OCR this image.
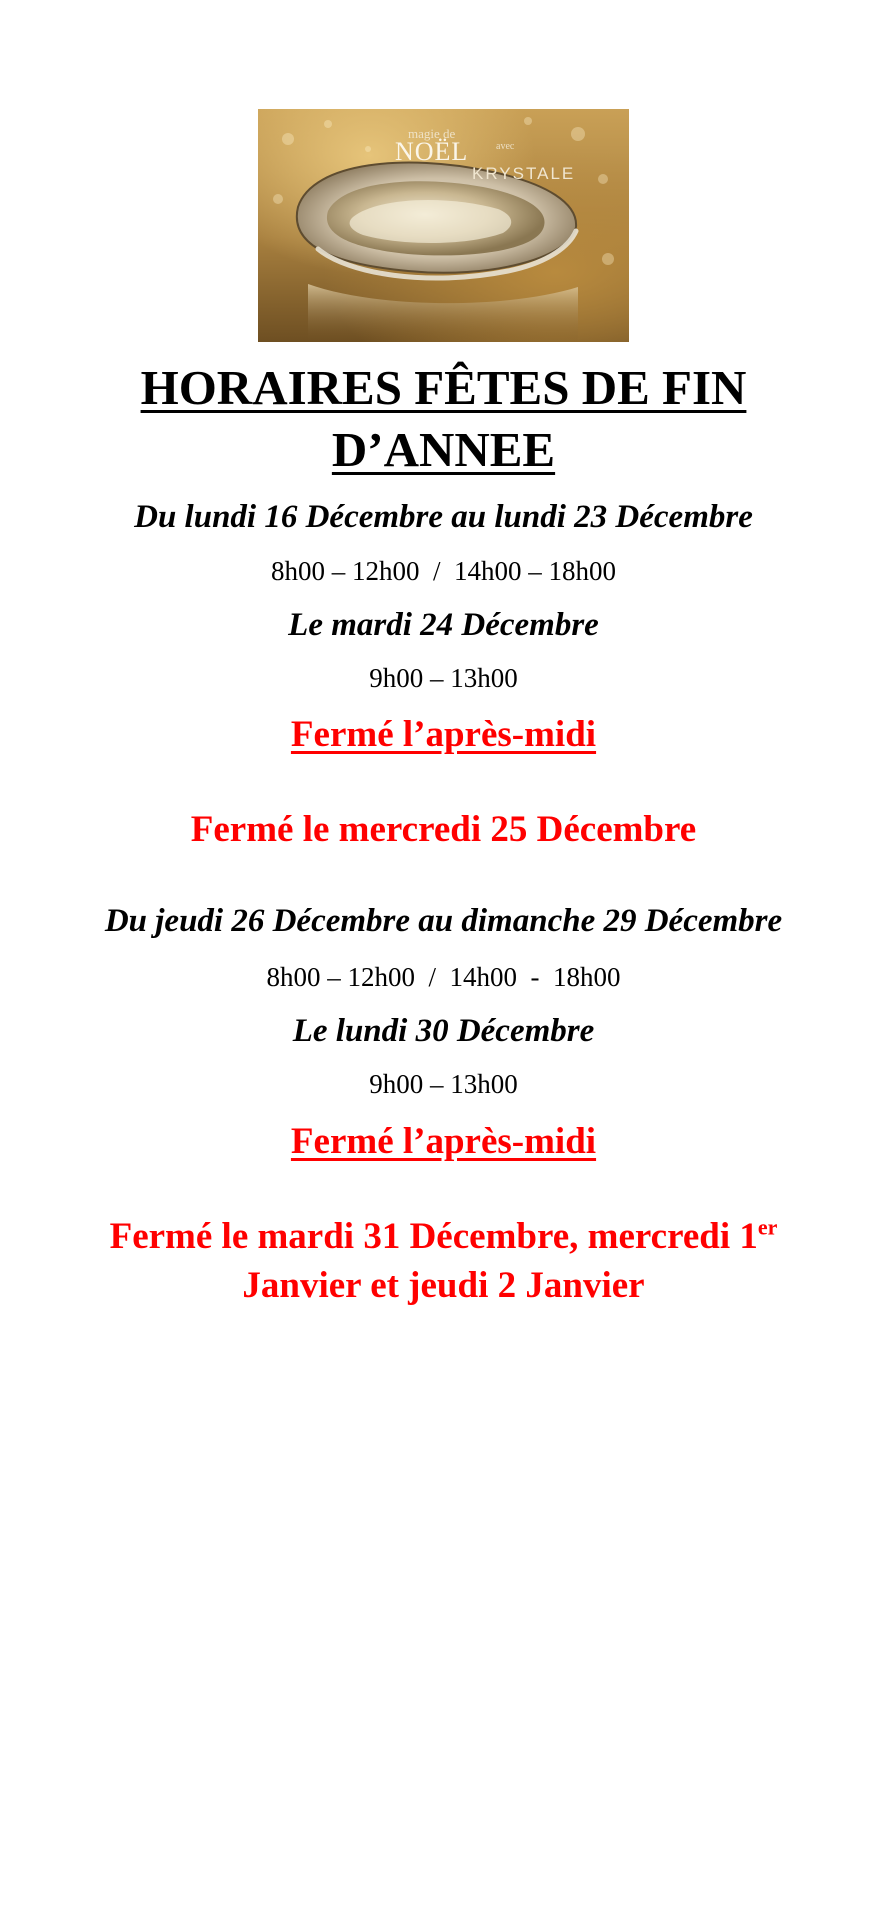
magie de
NOËL	avec
KRYSTALE
HORAIRES FÊTES DE FIN
D’ANNEE
Du lundi 16 Décembre au lundi 23 Décembre
8h00 – 12h00  /  14h00 – 18h00
Le mardi 24 Décembre
9h00 – 13h00
Fermé l’après-midi
Fermé le mercredi 25 Décembre
Du jeudi 26 Décembre au dimanche 29 Décembre
8h00 – 12h00  /  14h00  -  18h00
Le lundi 30 Décembre
9h00 – 13h00
Fermé l’après-midi
Fermé le mardi 31 Décembre, mercredi 1er
Janvier et jeudi 2 Janvier
